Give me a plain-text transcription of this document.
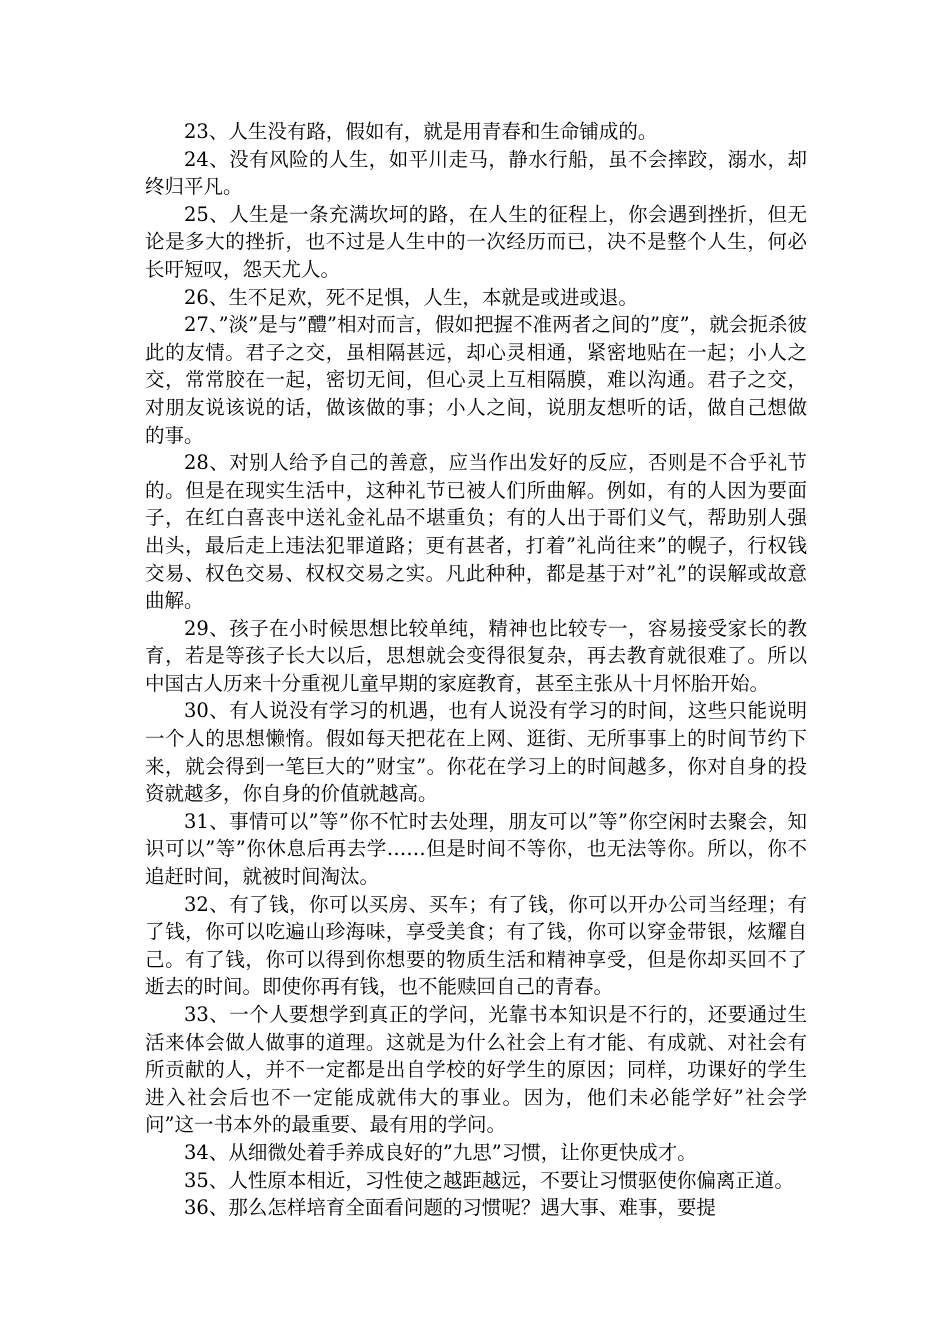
23、人生没有路，假如有，就是用青春和生命铺成的。

24、没有风险的人生，如平川走马，静水行船，虽不会摔跤，溺水，却终归平凡。

25、人生是一条充满坎坷的路，在人生的征程上，你会遇到挫折，但无论是多大的挫折，也不过是人生中的一次经历而已，决不是整个人生，何必长吁短叹，怨天尤人。

26、生不足欢，死不足惧，人生，本就是或进或退。

27、”淡”是与”醴”相对而言，假如把握不准两者之间的”度”，就会扼杀彼此的友情。君子之交，虽相隔甚远，却心灵相通，紧密地贴在一起；小人之交，常常胶在一起，密切无间，但心灵上互相隔膜，难以沟通。君子之交，对朋友说该说的话，做该做的事；小人之间，说朋友想听的话，做自己想做的事。

28、对别人给予自己的善意，应当作出发好的反应，否则是不合乎礼节的。但是在现实生活中，这种礼节已被人们所曲解。例如，有的人因为要面子，在红白喜丧中送礼金礼品不堪重负；有的人出于哥们义气，帮助别人强出头，最后走上违法犯罪道路；更有甚者，打着”礼尚往来”的幌子，行权钱交易、权色交易、权权交易之实。凡此种种，都是基于对”礼”的误解或故意曲解。

29、孩子在小时候思想比较单纯，精神也比较专一，容易接受家长的教育，若是等孩子长大以后，思想就会变得很复杂，再去教育就很难了。所以中国古人历来十分重视儿童早期的家庭教育，甚至主张从十月怀胎开始。

30、有人说没有学习的机遇，也有人说没有学习的时间，这些只能说明一个人的思想懒惰。假如每天把花在上网、逛街、无所事事上的时间节约下来，就会得到一笔巨大的”财宝”。你花在学习上的时间越多，你对自身的投资就越多，你自身的价值就越高。

31、事情可以”等”你不忙时去处理，朋友可以”等”你空闲时去聚会，知识可以”等”你休息后再去学……但是时间不等你，也无法等你。所以，你不追赶时间，就被时间淘汰。

32、有了钱，你可以买房、买车；有了钱，你可以开办公司当经理；有了钱，你可以吃遍山珍海味，享受美食；有了钱，你可以穿金带银，炫耀自己。有了钱，你可以得到你想要的物质生活和精神享受，但是你却买回不了逝去的时间。即使你再有钱，也不能赎回自己的青春。

33、一个人要想学到真正的学问，光靠书本知识是不行的，还要通过生活来体会做人做事的道理。这就是为什么社会上有才能、有成就、对社会有所贡献的人，并不一定都是出自学校的好学生的原因；同样，功课好的学生进入社会后也不一定能成就伟大的事业。因为，他们未必能学好”社会学问”这一书本外的最重要、最有用的学问。

34、从细微处着手养成良好的”九思”习惯，让你更快成才。

35、人性原本相近，习性使之越距越远，不要让习惯驱使你偏离正道。

36、那么怎样培育全面看问题的习惯呢？遇大事、难事，要提
